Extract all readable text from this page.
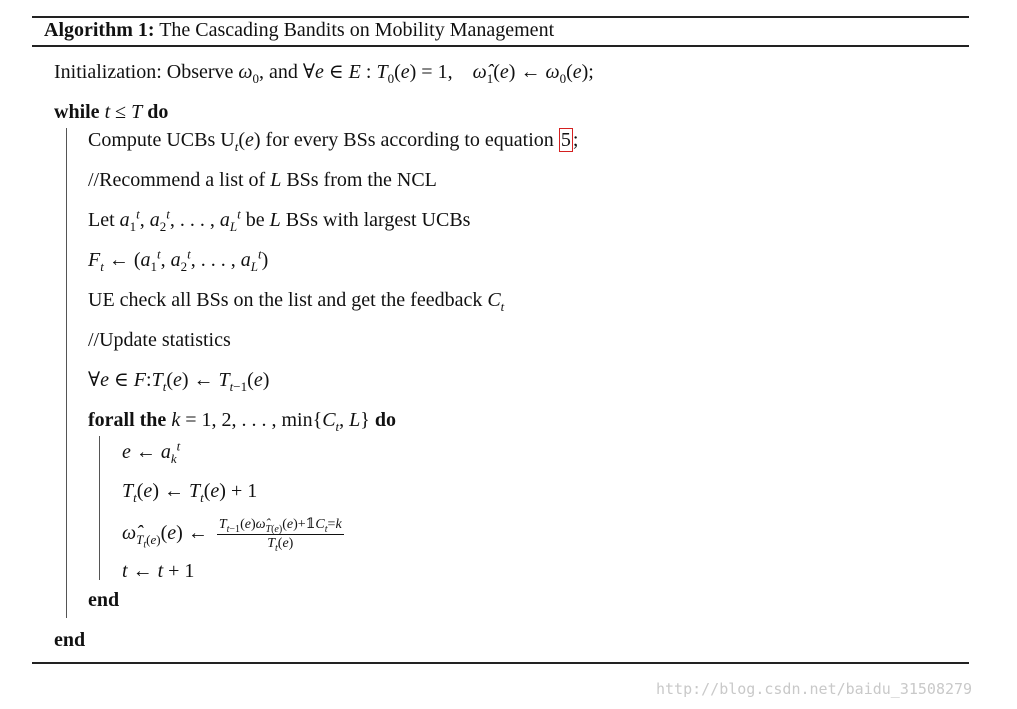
Algorithm 1: The Cascading Bandits on Mobility Management
Initialization: Observe $\omega_0$, and ∀e ∈ E : $T_0(e) = 1$,    $\omegâ_1(e)$ ← $\omega_0(e)$;
while t ≤ T do
Compute UCBs $U_t(e)$ for every BSs according to equation 5 ;
//Recommend a list of L BSs from the NCL
Let $a_1^t$, $a_2^t$, . . . , $a_L^t$ be L BSs with largest UCBs
$F_t$ ← ($a_1^t$, $a_2^t$, . . . , $a_L^t$)
UE check all BSs on the list and get the feedback $C_t$
//Update statistics
∀e ∈ $F:T_t(e)$ ← $T_{t-1}(e)$
forall the k = 1, 2, . . . , $\min\{C_t$, L} do
e ← $a_k^t$
$T_t(e)$ ← $T_t(e) + 1$
$\omegâ_{T_t(e)}(e)$ ← $\frac{T_{t-1}(e)\omegâ_{T(e)}(e)+𝟙C_t=k}{T_t(e)}$
t ← t + 1
end
end
http://blog.csdn.net/baidu_31508279
